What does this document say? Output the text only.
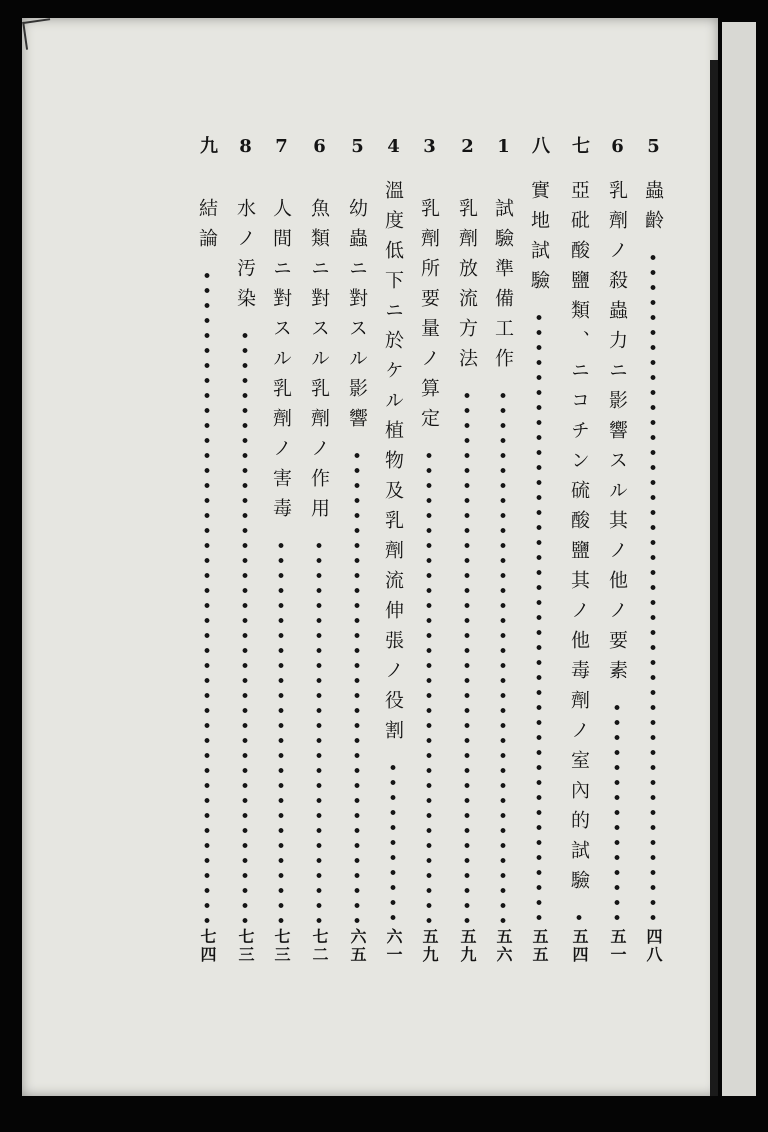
5
蟲齡
四八
6
乳劑ノ殺蟲力ニ影響スル其ノ他ノ要素
五一
七
亞砒酸鹽類、ニコチン硫酸鹽其ノ他毒劑ノ室內的試驗
五四
八
實地試驗
五五
1
試驗準備工作
五六
2
乳劑放流方法
五九
3
乳劑所要量ノ算定
五九
4
溫度低下ニ於ケル植物及乳劑流伸張ノ役割
六一
5
幼蟲ニ對スル影響
六五
6
魚類ニ對スル乳劑ノ作用
七二
7
人間ニ對スル乳劑ノ害毒
七三
8
水ノ汚染
七三
九
結論
七四
